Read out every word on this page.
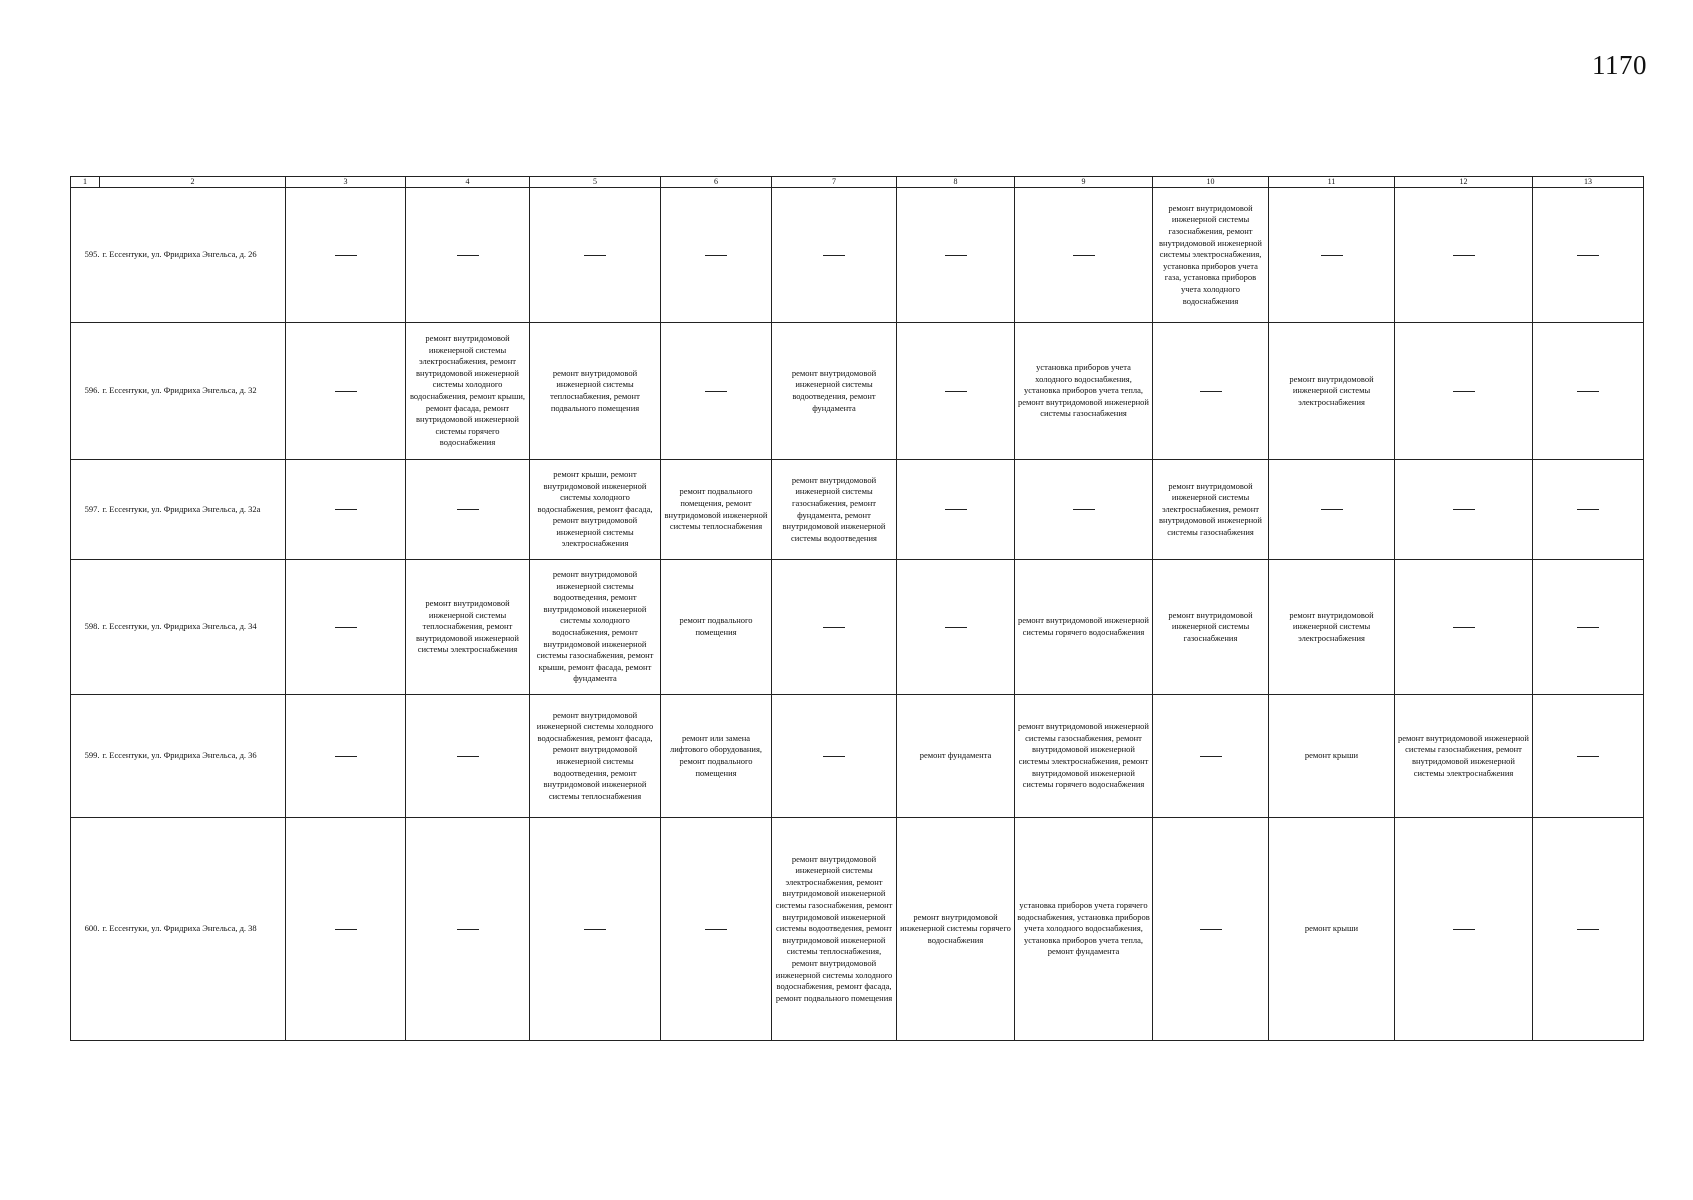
1170
1	2	3	4	5	6	7	8	9	10	11	12	13
595.	г. Ессентуки, ул. Фридриха Энгельса, д. 26								ремонт внутридомовой инженерной системы газоснабжения, ремонт внутридомовой инженерной системы электроснабжения, установка приборов учета газа, установка приборов учета холодного водоснабжения			
596.	г. Ессентуки, ул. Фридриха Энгельса, д. 32		ремонт внутридомовой инженерной системы электроснабжения, ремонт внутридомовой инженерной системы холодного водоснабжения, ремонт крыши, ремонт фасада, ремонт внутридомовой инженерной системы горячего водоснабжения	ремонт внутридомовой инженерной системы теплоснабжения, ремонт подвального помещения		ремонт внутридомовой инженерной системы водоотведения, ремонт фундамента		установка приборов учета холодного водоснабжения, установка приборов учета тепла, ремонт внутридомовой инженерной системы газоснабжения		ремонт внутридомовой инженерной системы электроснабжения		
597.	г. Ессентуки, ул. Фридриха Энгельса, д. 32а			ремонт крыши, ремонт внутридомовой инженерной системы холодного водоснабжения, ремонт фасада, ремонт внутридомовой инженерной системы электроснабжения	ремонт подвального помещения, ремонт внутридомовой инженерной системы теплоснабжения	ремонт внутридомовой инженерной системы газоснабжения, ремонт фундамента, ремонт внутридомовой инженерной системы водоотведения			ремонт внутридомовой инженерной системы электроснабжения, ремонт внутридомовой инженерной системы газоснабжения			
598.	г. Ессентуки, ул. Фридриха Энгельса, д. 34		ремонт внутридомовой инженерной системы теплоснабжения, ремонт внутридомовой инженерной системы электроснабжения	ремонт внутридомовой инженерной системы водоотведения, ремонт внутридомовой инженерной системы холодного водоснабжения, ремонт внутридомовой инженерной системы газоснабжения, ремонт крыши, ремонт фасада, ремонт фундамента	ремонт подвального помещения			ремонт внутридомовой инженерной системы горячего водоснабжения	ремонт внутридомовой инженерной системы газоснабжения	ремонт внутридомовой инженерной системы электроснабжения		
599.	г. Ессентуки, ул. Фридриха Энгельса, д. 36			ремонт внутридомовой инженерной системы холодного водоснабжения, ремонт фасада, ремонт внутридомовой инженерной системы водоотведения, ремонт внутридомовой инженерной системы теплоснабжения	ремонт или замена лифтового оборудования, ремонт подвального помещения		ремонт фундамента	ремонт внутридомовой инженерной системы газоснабжения, ремонт внутридомовой инженерной системы электроснабжения, ремонт внутридомовой инженерной системы горячего водоснабжения		ремонт крыши	ремонт внутридомовой инженерной системы газоснабжения, ремонт внутридомовой инженерной системы электроснабжения	
600.	г. Ессентуки, ул. Фридриха Энгельса, д. 38					ремонт внутридомовой инженерной системы электроснабжения, ремонт внутридомовой инженерной системы газоснабжения, ремонт внутридомовой инженерной системы водоотведения, ремонт внутридомовой инженерной системы теплоснабжения, ремонт внутридомовой инженерной системы холодного водоснабжения, ремонт фасада, ремонт подвального помещения	ремонт внутридомовой инженерной системы горячего водоснабжения	установка приборов учета горячего водоснабжения, установка приборов учета холодного водоснабжения, установка приборов учета тепла, ремонт фундамента		ремонт крыши		
